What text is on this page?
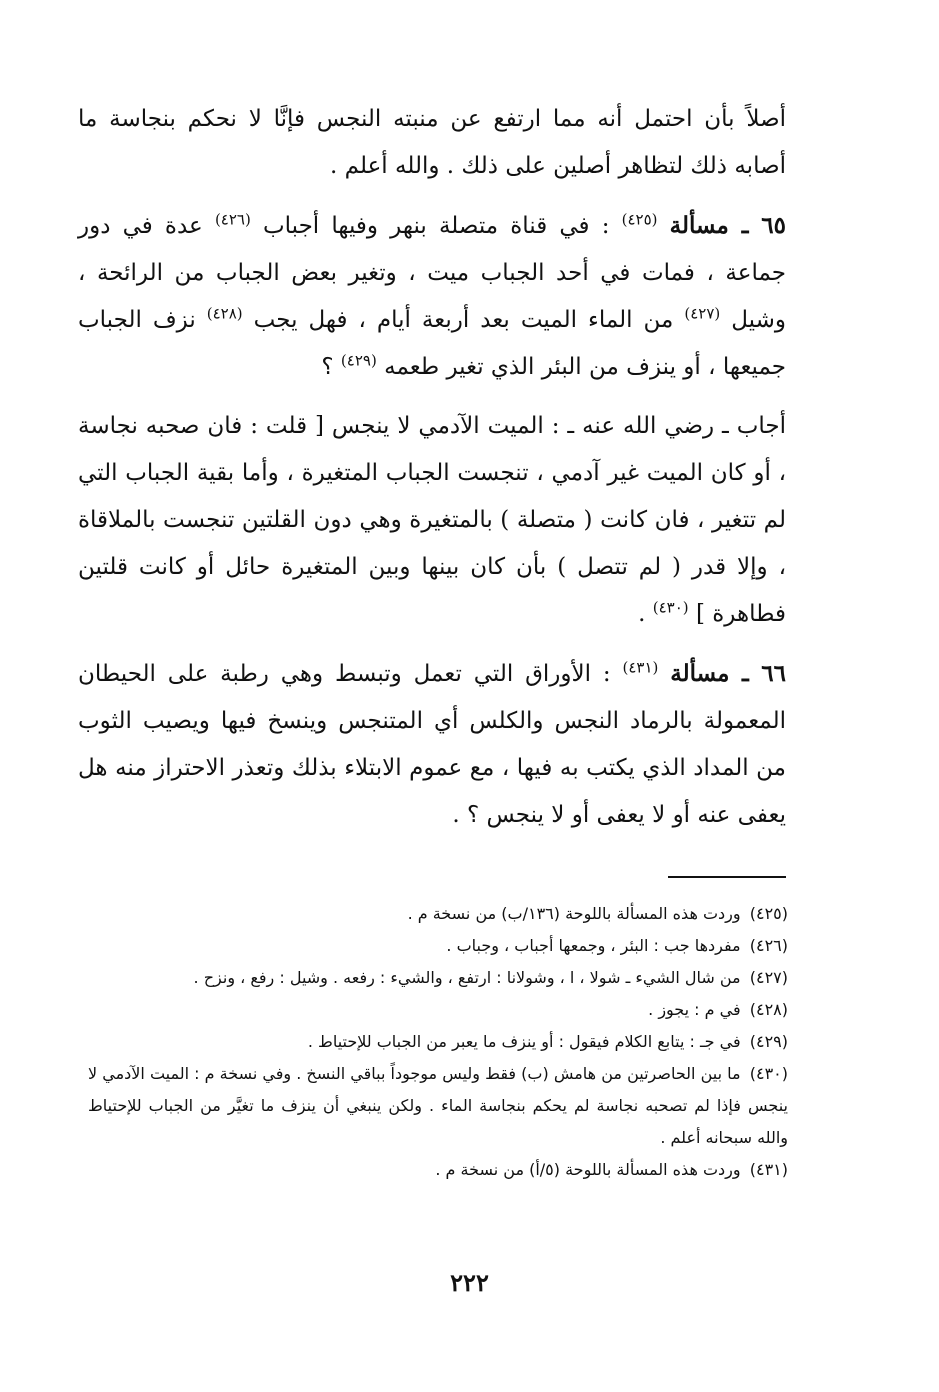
أصلاً بأن احتمل أنه مما ارتفع عن منبته النجس فإنَّا لا نحكم بنجاسة ما أصابه ذلك لتظاهر أصلين على ذلك . والله أعلم .

٦٥ ـ مسألة $^{(٤٢٥)}$ : في قناة متصلة بنهر وفيها أجباب $^{(٤٢٦)}$ عدة في دور جماعة ، فمات في أحد الجباب ميت ، وتغير بعض الجباب من الرائحة ، وشيل $^{(٤٢٧)}$ من الماء الميت بعد أربعة أيام ، فهل يجب $^{(٤٢٨)}$ نزف الجباب جميعها ، أو ينزف من البئر الذي تغير طعمه $^{(٤٢٩)}$ ؟

أجاب ـ رضي الله عنه ـ : الميت الآدمي لا ينجس [ قلت : فان صحبه نجاسة ، أو كان الميت غير آدمي ، تنجست الجباب المتغيرة ، وأما بقية الجباب التي لم تتغير ، فان كانت ( متصلة ) بالمتغيرة وهي دون القلتين تنجست بالملاقاة ، وإلا قدر ( لم تتصل ) بأن كان بينها وبين المتغيرة حائل أو كانت قلتين فطاهرة ] $^{(٤٣٠)}$ .

٦٦ ـ مسألة $^{(٤٣١)}$ : الأوراق التي تعمل وتبسط وهي رطبة على الحيطان المعمولة بالرماد النجس والكلس أي المتنجس وينسخ فيها ويصيب الثوب من المداد الذي يكتب به فيها ، مع عموم الابتلاء بذلك وتعذر الاحتراز منه هل يعفى عنه أو لا يعفى أو لا ينجس ؟ .

(٤٢٥) وردت هذه المسألة باللوحة (١٣٦/ب) من نسخة م .

(٤٢٦) مفردها جب : البئر ، وجمعها أجباب ، وجباب .

(٤٢٧) من شال الشيء ـ شولا ، ا ، وشولانا : ارتفع ، والشيء : رفعه . وشيل : رفع ، ونزح .

(٤٢٨) في م : يجوز .

(٤٢٩) في جـ : يتابع الكلام فيقول : أو ينزف ما يعبر من الجباب للإحتياط .

(٤٣٠) ما بين الحاصرتين من هامش (ب) فقط وليس موجوداً بباقي النسخ . وفي نسخة م : الميت الآدمي لا ينجس فإذا لم تصحبه نجاسة لم يحكم بنجاسة الماء . ولكن ينبغي أن ينزف ما تغيَّر من الجباب للإحتياط والله سبحانه أعلم .

(٤٣١) وردت هذه المسألة باللوحة (٥/أ) من نسخة م .

٢٢٢
